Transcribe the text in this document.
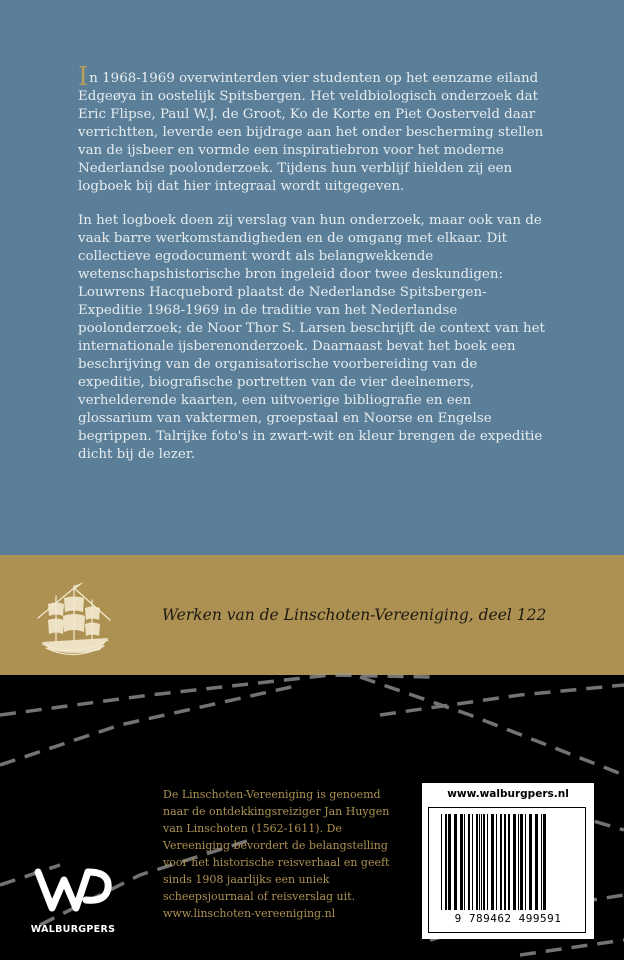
In 1968-1969 overwinterden vier studenten op het eenzame eiland Edgeøya in oostelijk Spitsbergen. Het veldbiologisch onderzoek dat Eric Flipse, Paul W.J. de Groot, Ko de Korte en Piet Oosterveld daar verrichtten, leverde een bijdrage aan het onder bescherming stellen van de ijsbeer en vormde een inspiratiebron voor het moderne Nederlandse poolonderzoek. Tijdens hun verblijf hielden zij een logboek bij dat hier integraal wordt uitgegeven.

In het logboek doen zij verslag van hun onderzoek, maar ook van de vaak barre werkomstandigheden en de omgang met elkaar. Dit collectieve egodocument wordt als belangwekkende wetenschapshistorische bron ingeleid door twee deskundigen: Louwrens Hacquebord plaatst de Nederlandse Spitsbergen-Expeditie 1968-1969 in de traditie van het Nederlandse poolonderzoek; de Noor Thor S. Larsen beschrijft de context van het internationale ijsberenonderzoek. Daarnaast bevat het boek een beschrijving van de organisatorische voorbereiding van de expeditie, biografische portretten van de vier deelnemers, verhelderende kaarten, een uitvoerige bibliografie en een glossarium van vaktermen, groepstaal en Noorse en Engelse begrippen. Talrijke foto's in zwart-wit en kleur brengen de expeditie dicht bij de lezer.

Werken van de Linschoten-Vereeniging, deel 122

De Linschoten-Vereeniging is genoemd naar de ontdekkingsreiziger Jan Huygen van Linschoten (1562-1611). De Vereeniging bevordert de belangstelling voor het historische reisverhaal en geeft sinds 1908 jaarlijks een uniek scheepsjournaal of reisverslag uit.
www.linschoten-vereeniging.nl

WALBURGPERS
www.walburgpers.nl
9 789462 499591
